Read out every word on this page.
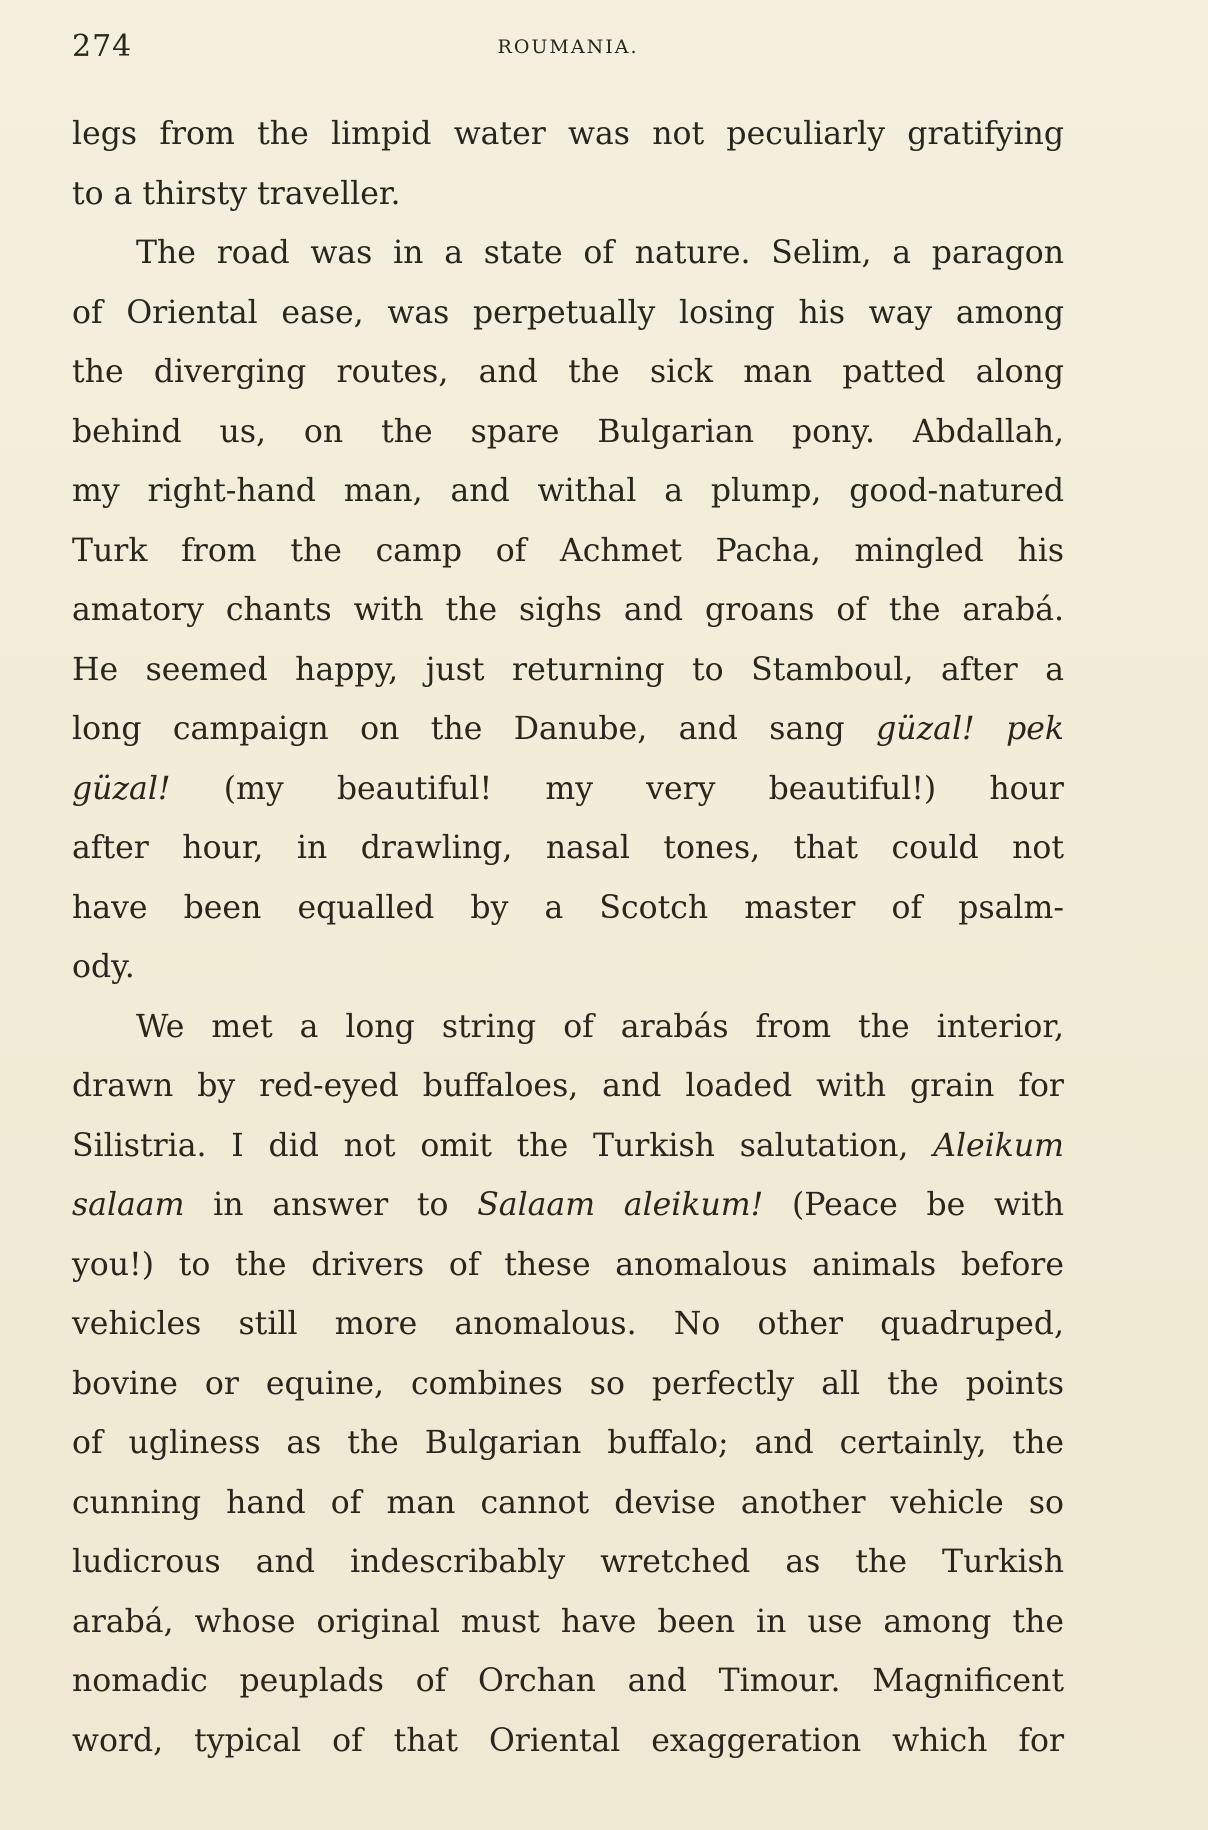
274	ROUMANIA.
legs from the limpid water was not peculiarly gratifying
to a thirsty traveller.
The road was in a state of nature. Selim, a paragon
of Oriental ease, was perpetually losing his way among
the diverging routes, and the sick man patted along
behind us, on the spare Bulgarian pony. Abdallah,
my right-hand man, and withal a plump, good-natured
Turk from the camp of Achmet Pacha, mingled his
amatory chants with the sighs and groans of the arabá.
He seemed happy, just returning to Stamboul, after a
long campaign on the Danube, and sang güzal! pek
güzal! (my beautiful! my very beautiful!) hour
after hour, in drawling, nasal tones, that could not
have been equalled by a Scotch master of psalm-
ody.
We met a long string of arabás from the interior,
drawn by red-eyed buffaloes, and loaded with grain for
Silistria. I did not omit the Turkish salutation, Aleikum
salaam in answer to Salaam aleikum! (Peace be with
you!) to the drivers of these anomalous animals before
vehicles still more anomalous. No other quadruped,
bovine or equine, combines so perfectly all the points
of ugliness as the Bulgarian buffalo; and certainly, the
cunning hand of man cannot devise another vehicle so
ludicrous and indescribably wretched as the Turkish
arabá, whose original must have been in use among the
nomadic peuplads of Orchan and Timour. Magnificent
word, typical of that Oriental exaggeration which for
